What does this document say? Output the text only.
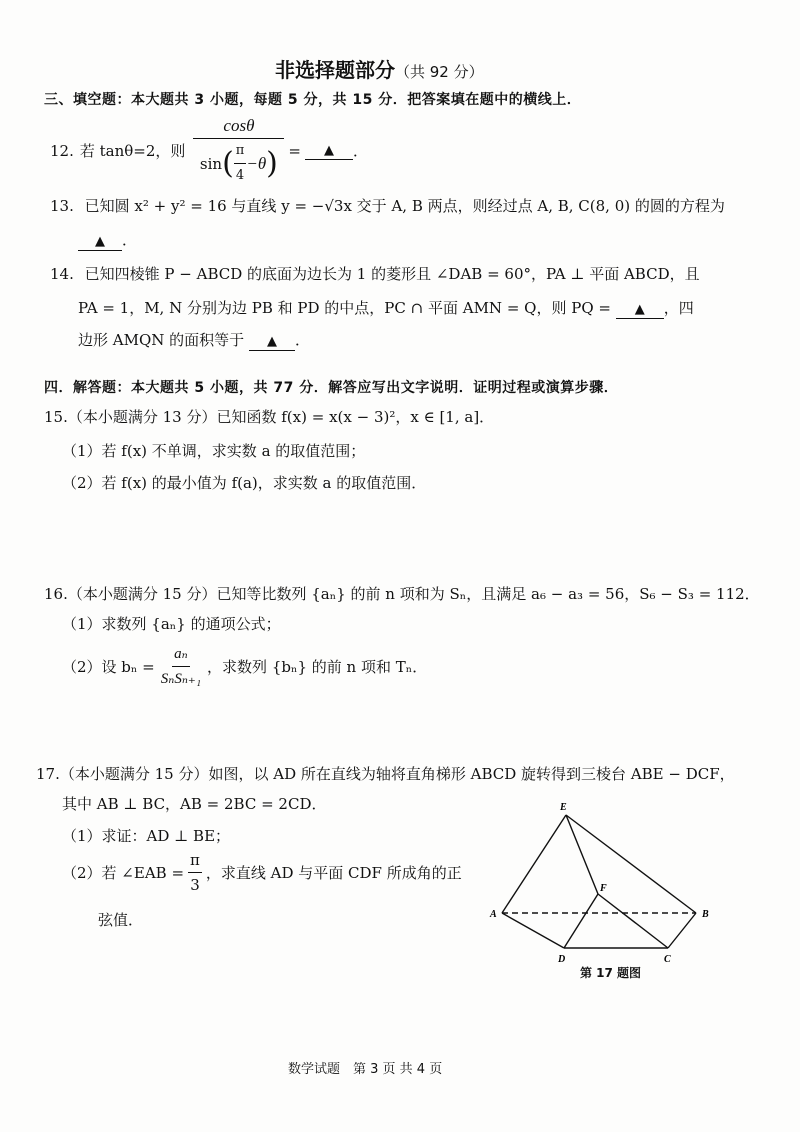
非选择题部分（共 92 分）
三、填空题：本大题共 3 小题，每题 5 分，共 15 分．把答案填在题中的横线上．
12. 若 tanθ=2，则
cosθ
sin ( $\frac{\pi}{4} -\theta$ ) =	▲	．
13. 已知圆 x² + y² = 16 与直线 y = −√3x 交于 A, B 两点，则经过点 A, B, C(8, 0) 的圆的方程为
▲ ．
14. 已知四棱锥 P − ABCD 的底面为边长为 1 的菱形且 ∠DAB = 60°，PA ⊥ 平面 ABCD，且
PA = 1，M, N 分别为边 PB 和 PD 的中点，PC ∩ 平面 AMN = Q，则 PQ = ▲ ，四
边形 AMQN 的面积等于 ▲ ．
四．解答题：本大题共 5 小题，共 77 分．解答应写出文字说明．证明过程或演算步骤．
15.（本小题满分 13 分）已知函数 f(x) = x(x − 3)²，x ∈ [1, a]．
（1）若 f(x) 不单调，求实数 a 的取值范围；
（2）若 f(x) 的最小值为 f(a)，求实数 a 的取值范围．
16.（本小题满分 15 分）已知等比数列 {aₙ} 的前 n 项和为 Sₙ，且满足 a₆ − a₃ = 56，S₆ − S₃ = 112．
（1）求数列 {aₙ} 的通项公式；
（2）设 $b_n = \frac{\text{aₙ}}{\text{SₙSₙ₊₁}}$ ，求数列 {bₙ} 的前 n 项和 Tₙ．
17.（本小题满分 15 分）如图，以 AD 所在直线为轴将直角梯形 ABCD 旋转得到三棱台 ABE − DCF，
其中 AB ⊥ BC，AB = 2BC = 2CD．
（1）求证：AD ⊥ BE；
（2）若 ∠EAB = $\frac{\pi}{3}$ ，求直线 AD 与平面 CDF 所成角的正
弦值．
E
F
A	B
D	C
第 17 题图
数学试题　第 3 页 共 4 页
